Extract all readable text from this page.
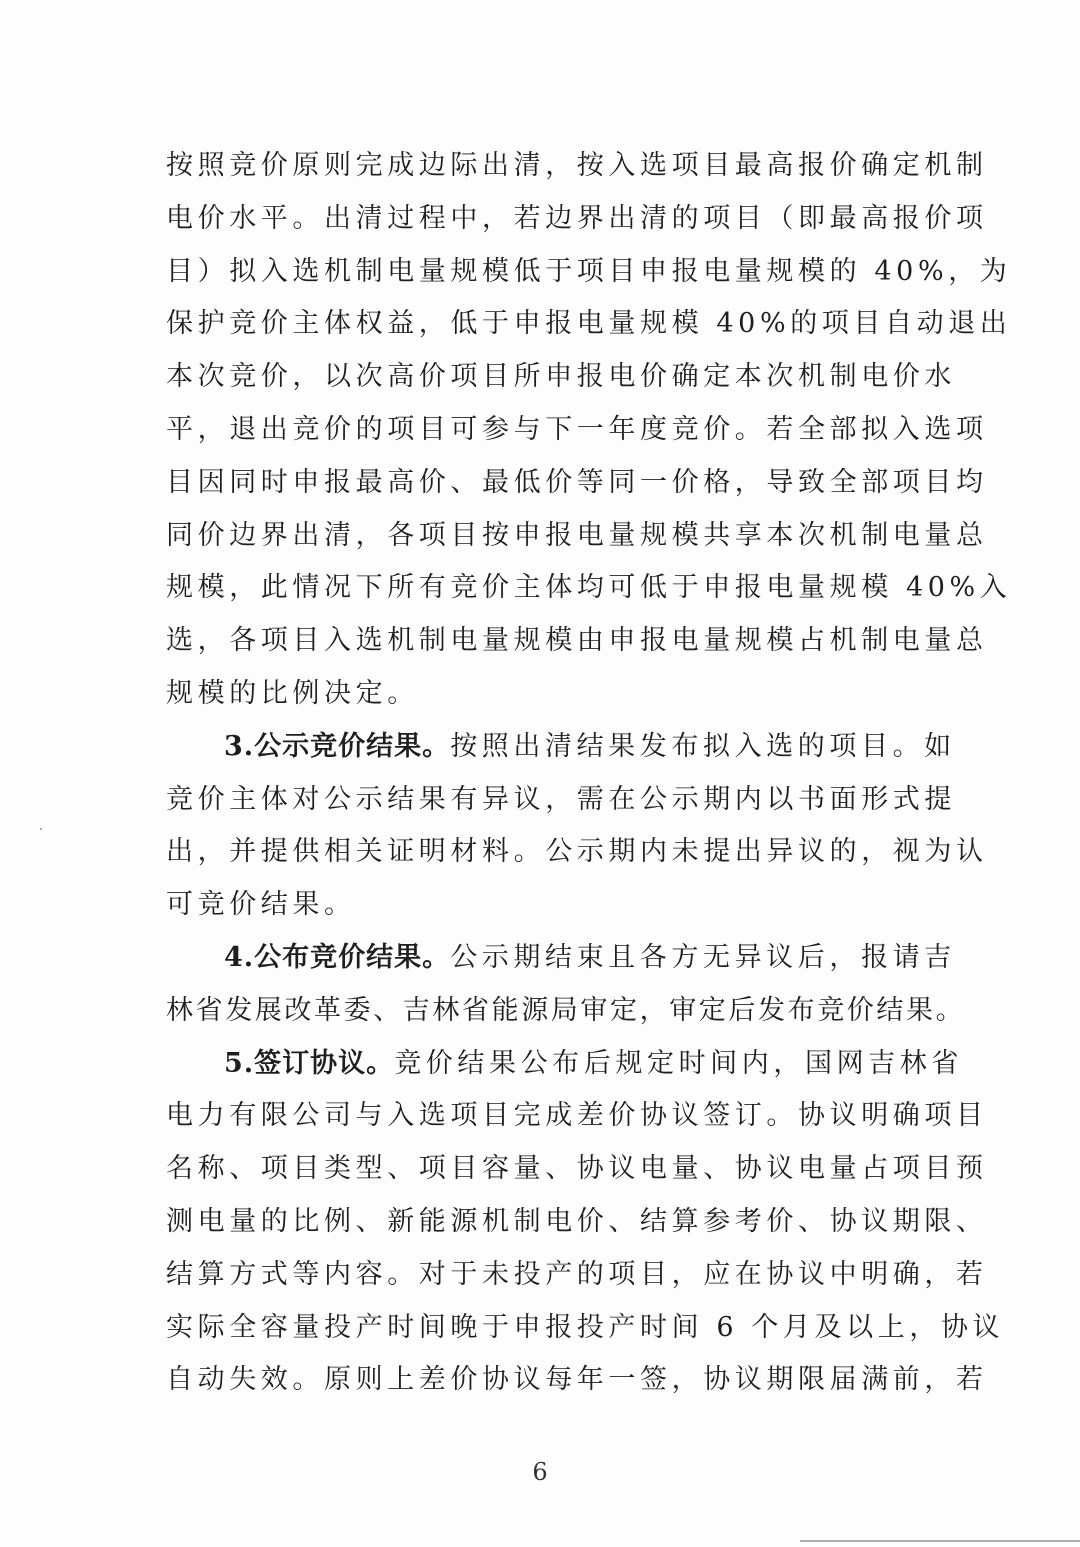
按照竞价原则完成边际出清，按入选项目最高报价确定机制
电价水平。出清过程中，若边界出清的项目（即最高报价项
目）拟入选机制电量规模低于项目申报电量规模的 40%，为
保护竞价主体权益，低于申报电量规模 40%的项目自动退出
本次竞价，以次高价项目所申报电价确定本次机制电价水
平，退出竞价的项目可参与下一年度竞价。若全部拟入选项
目因同时申报最高价、最低价等同一价格，导致全部项目均
同价边界出清，各项目按申报电量规模共享本次机制电量总
规模，此情况下所有竞价主体均可低于申报电量规模 40%入
选，各项目入选机制电量规模由申报电量规模占机制电量总
规模的比例决定。
3.公示竞价结果。按照出清结果发布拟入选的项目。如
竞价主体对公示结果有异议，需在公示期内以书面形式提
出，并提供相关证明材料。公示期内未提出异议的，视为认
可竞价结果。
4.公布竞价结果。公示期结束且各方无异议后，报请吉
林省发展改革委、吉林省能源局审定，审定后发布竞价结果。
5.签订协议。竞价结果公布后规定时间内，国网吉林省
电力有限公司与入选项目完成差价协议签订。协议明确项目
名称、项目类型、项目容量、协议电量、协议电量占项目预
测电量的比例、新能源机制电价、结算参考价、协议期限、
结算方式等内容。对于未投产的项目，应在协议中明确，若
实际全容量投产时间晚于申报投产时间 6 个月及以上，协议
自动失效。原则上差价协议每年一签，协议期限届满前，若
6
